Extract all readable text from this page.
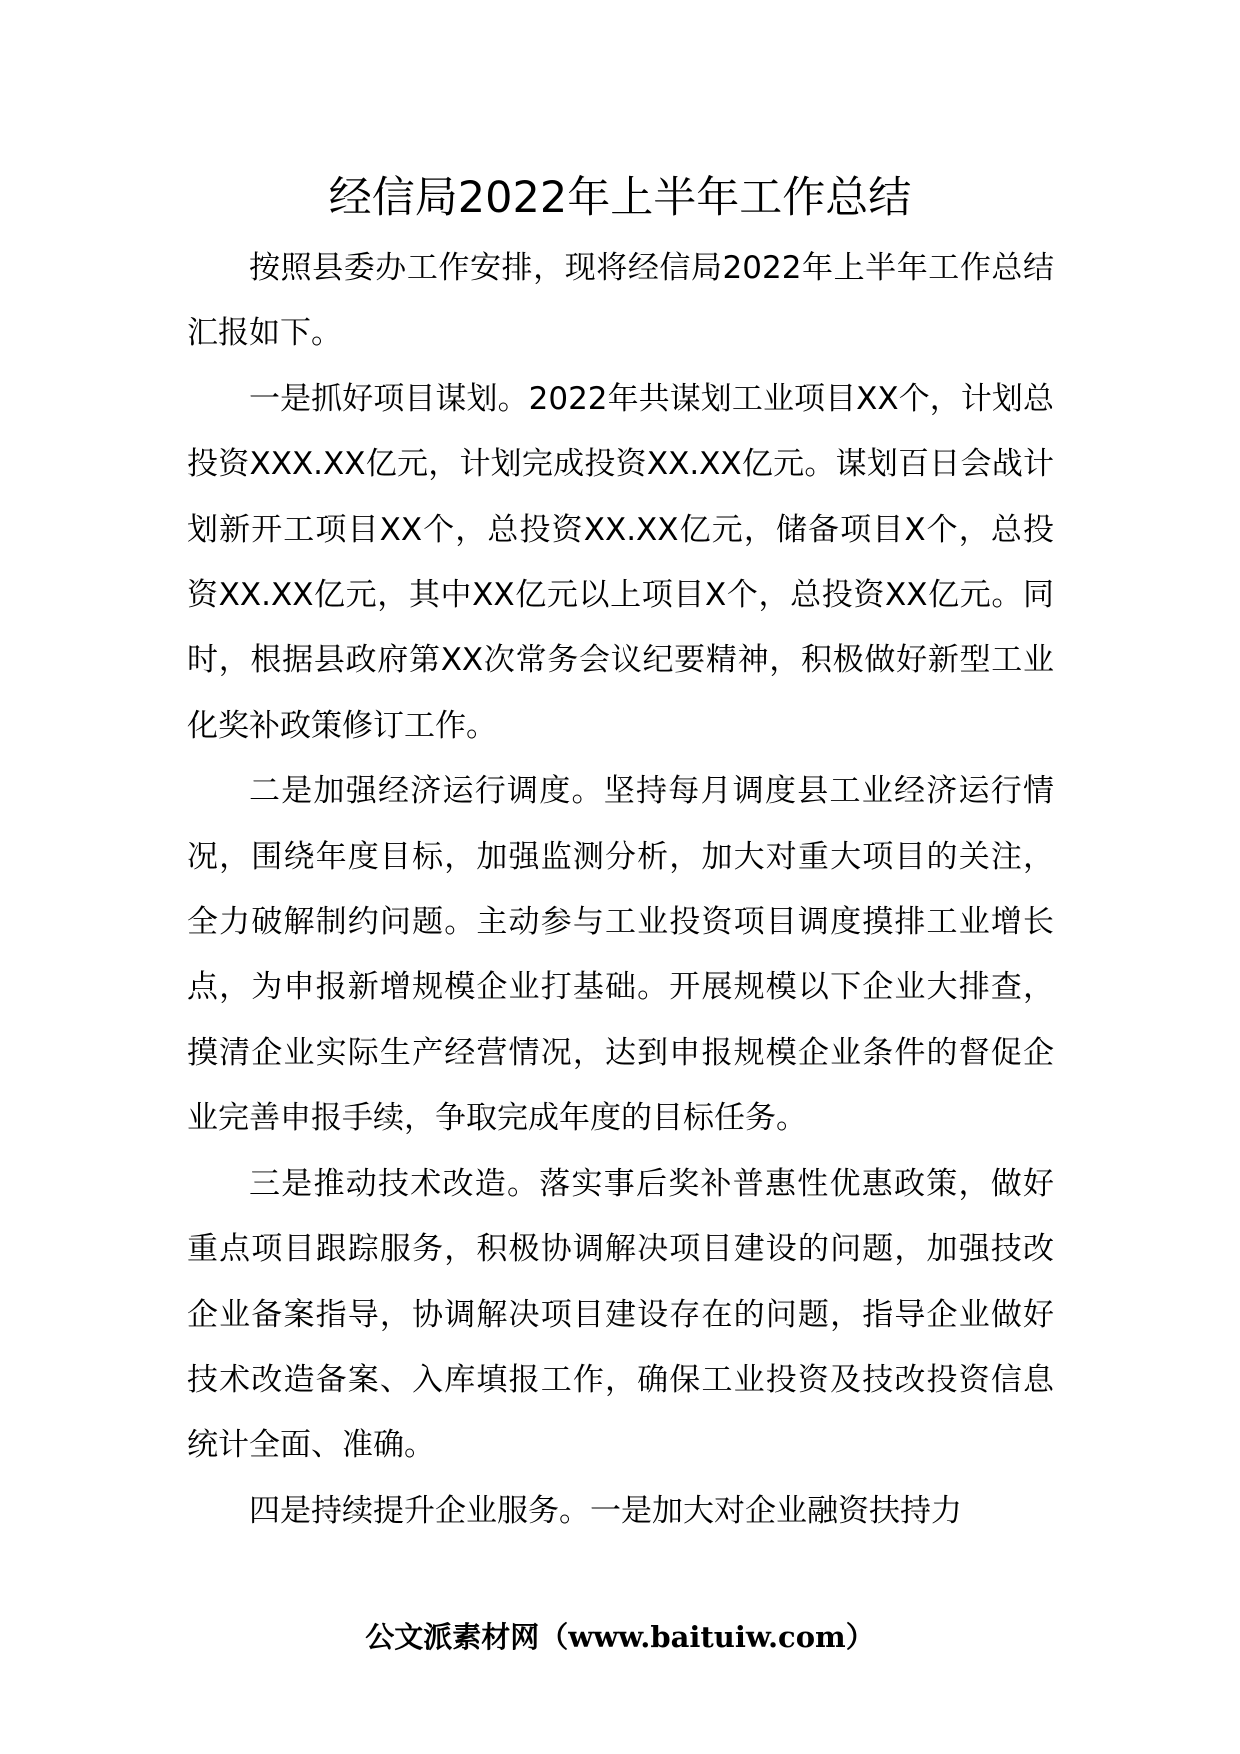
经信局2022年上半年工作总结

按照县委办工作安排，现将经信局2022年上半年工作总结汇报如下。

一是抓好项目谋划。2022年共谋划工业项目XX个，计划总投资XXX.XX亿元，计划完成投资XX.XX亿元。谋划百日会战计划新开工项目XX个，总投资XX.XX亿元，储备项目X个，总投资XX.XX亿元，其中XX亿元以上项目X个，总投资XX亿元。同时，根据县政府第XX次常务会议纪要精神，积极做好新型工业化奖补政策修订工作。

二是加强经济运行调度。坚持每月调度县工业经济运行情况，围绕年度目标，加强监测分析，加大对重大项目的关注，全力破解制约问题。主动参与工业投资项目调度摸排工业增长点，为申报新增规模企业打基础。开展规模以下企业大排查，摸清企业实际生产经营情况，达到申报规模企业条件的督促企业完善申报手续，争取完成年度的目标任务。

三是推动技术改造。落实事后奖补普惠性优惠政策，做好重点项目跟踪服务，积极协调解决项目建设的问题，加强技改企业备案指导，协调解决项目建设存在的问题，指导企业做好技术改造备案、入库填报工作，确保工业投资及技改投资信息统计全面、准确。

四是持续提升企业服务。一是加大对企业融资扶持力

公文派素材网（www.baituiw.com）
